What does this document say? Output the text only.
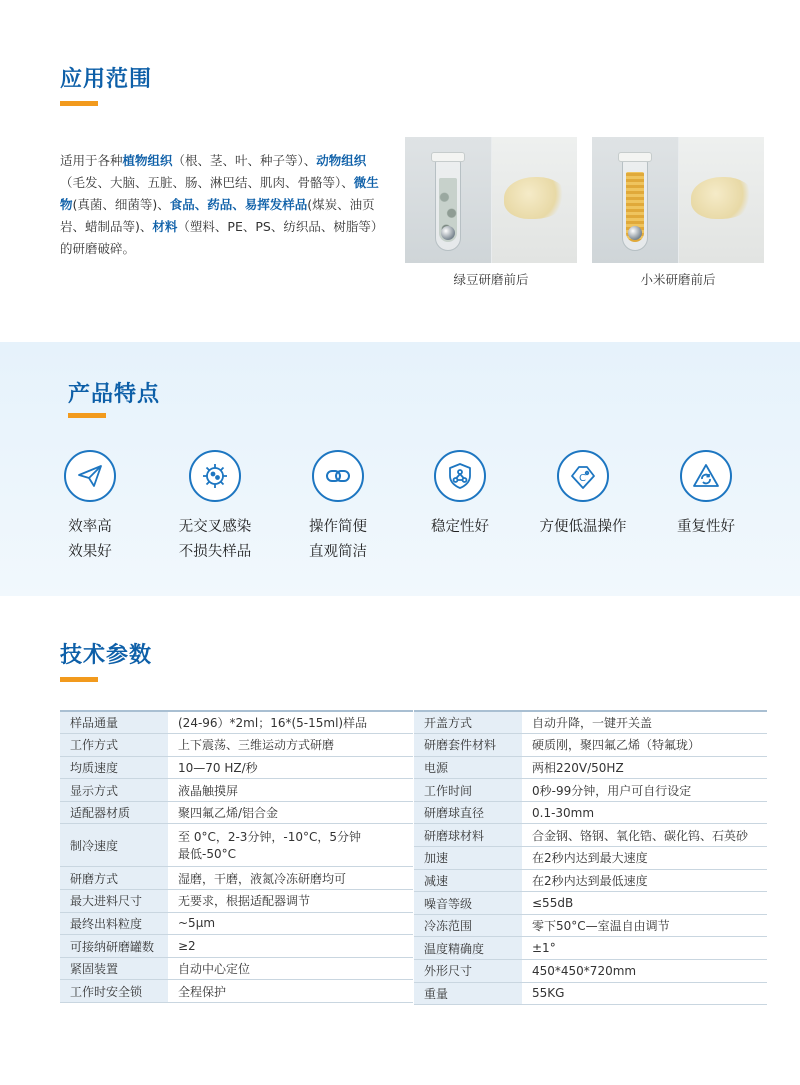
应用范围
适用于各种植物组织（根、茎、叶、种子等）、动物组织（毛发、大脑、五脏、肠、淋巴结、肌肉、骨骼等）、微生物(真菌、细菌等)、食品、药品、易挥发样品(煤炭、油页岩、蜡制品等)、材料（塑料、PE、PS、纺织品、树脂等）的研磨破碎。
绿豆研磨前后	小米研磨前后
产品特点
效率高
效果好
无交叉感染
不损失样品
操作简便
直观简洁
稳定性好
C
方便低温操作	重复性好
技术参数
样品通量	(24-96）*2ml；16*(5-15ml)样品

工作方式	上下震荡、三维运动方式研磨

均质速度	10—70 HZ/秒

显示方式	液晶触摸屏

适配器材质	聚四氟乙烯/铝合金

制冷速度	至 0°C，2-3分钟，-10°C，5分钟
最低-50°C

研磨方式	湿磨，干磨，液氮冷冻研磨均可

最大进料尺寸	无要求，根据适配器调节

最终出料粒度	~5μm

可接纳研磨罐数	≥2

紧固装置	自动中心定位

工作时安全锁	全程保护
开盖方式	自动升降，一键开关盖

研磨套件材料	硬质刚，聚四氟乙烯（特氟珑）

电源	两相220V/50HZ

工作时间	0秒-99分钟，用户可自行设定

研磨球直径	0.1-30mm

研磨球材料	合金钢、铬钢、氧化锆、碳化钨、石英砂

加速	在2秒内达到最大速度

减速	在2秒内达到最低速度

噪音等级	≤55dB

冷冻范围	零下50°C—室温自由调节

温度精确度	±1°

外形尺寸	450*450*720mm

重量	55KG
